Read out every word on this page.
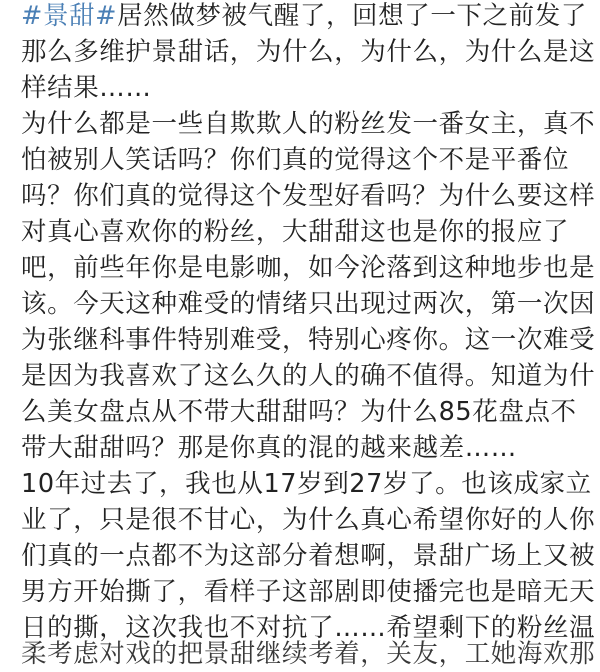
#景甜#居然做梦被气醒了，回想了一下之前发了
那么多维护景甜话，为什么，为什么，为什么是这
样结果……
为什么都是一些自欺欺人的粉丝发一番女主，真不
怕被别人笑话吗？你们真的觉得这个不是平番位
吗？你们真的觉得这个发型好看吗？为什么要这样
对真心喜欢你的粉丝，大甜甜这也是你的报应了
吧，前些年你是电影咖，如今沦落到这种地步也是
该。今天这种难受的情绪只出现过两次，第一次因
为张继科事件特别难受，特别心疼你。这一次难受
是因为我喜欢了这么久的人的确不值得。知道为什
么美女盘点从不带大甜甜吗？为什么85花盘点不
带大甜甜吗？那是你真的混的越来越差……
10年过去了，我也从17岁到27岁了。也该成家立
业了，只是很不甘心，为什么真心希望你好的人你
们真的一点都不为这部分着想啊，景甜广场上又被
男方开始撕了，看样子这部剧即使播完也是暗无天
日的撕，这次我也不对抗了……希望剩下的粉丝温
柔考虑对戏的把景甜继续考着，关友，工她海欢那
